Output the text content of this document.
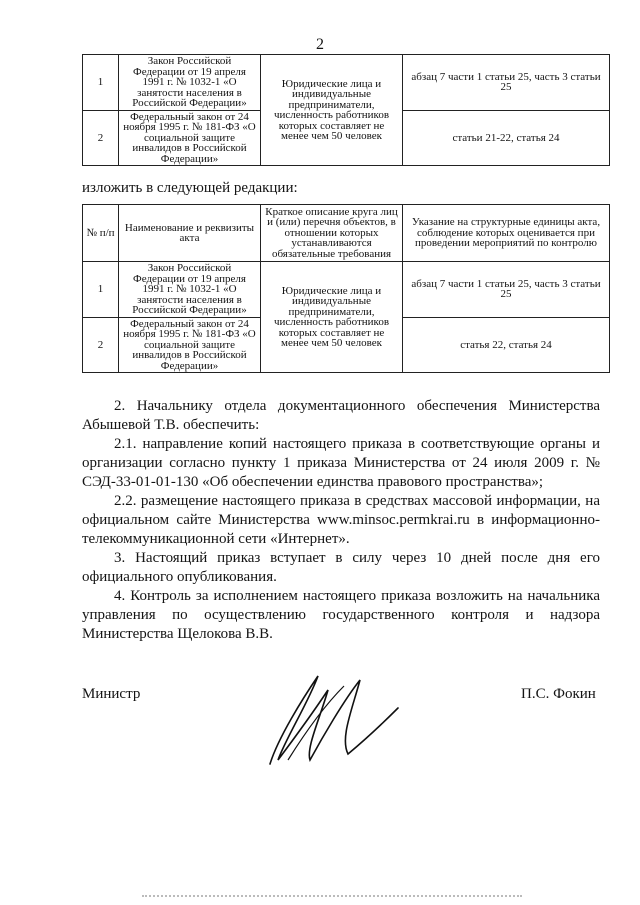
2
1	Закон Российской Федерации от 19 апреля 1991 г. № 1032-1 «О занятости населения в Российской Федерации»	Юридические лица и индивидуальные предприниматели, численность работников которых составляет не менее чем 50 человек	абзац 7 части 1 статьи 25, часть 3 статьи 25
2	Федеральный закон от 24 ноября 1995 г. № 181-ФЗ «О социальной защите инвалидов в Российской Федерации»		статьи 21-22, статья 24
изложить в следующей редакции:
№ п/п	Наименование и реквизиты акта	Краткое описание круга лиц и (или) перечня объектов, в отношении которых устанавливаются обязательные требования	Указание на структурные единицы акта, соблюдение которых оценивается при проведении мероприятий по контролю
1	Закон Российской Федерации от 19 апреля 1991 г. № 1032-1 «О занятости населения в Российской Федерации»	Юридические лица и индивидуальные предприниматели, численность работников которых составляет не менее чем 50 человек	абзац 7 части 1 статьи 25, часть 3 статьи 25
2	Федеральный закон от 24 ноября 1995 г. № 181-ФЗ «О социальной защите инвалидов в Российской Федерации»		статья 22, статья 24
2. Начальнику отдела документационного обеспечения Министерства Абышевой Т.В. обеспечить:
2.1. направление копий настоящего приказа в соответствующие органы и организации согласно пункту 1 приказа Министерства от 24 июля 2009 г. № СЭД-33-01-01-130 «Об обеспечении единства правового пространства»;
2.2. размещение настоящего приказа в средствах массовой информации, на официальном сайте Министерства www.minsoc.permkrai.ru в информационно-телекоммуникационной сети «Интернет».
3. Настоящий приказ вступает в силу через 10 дней после дня его официального опубликования.
4. Контроль за исполнением настоящего приказа возложить на начальника управления по осуществлению государственного контроля и надзора Министерства Щелокова В.В.
Министр	П.С. Фокин
